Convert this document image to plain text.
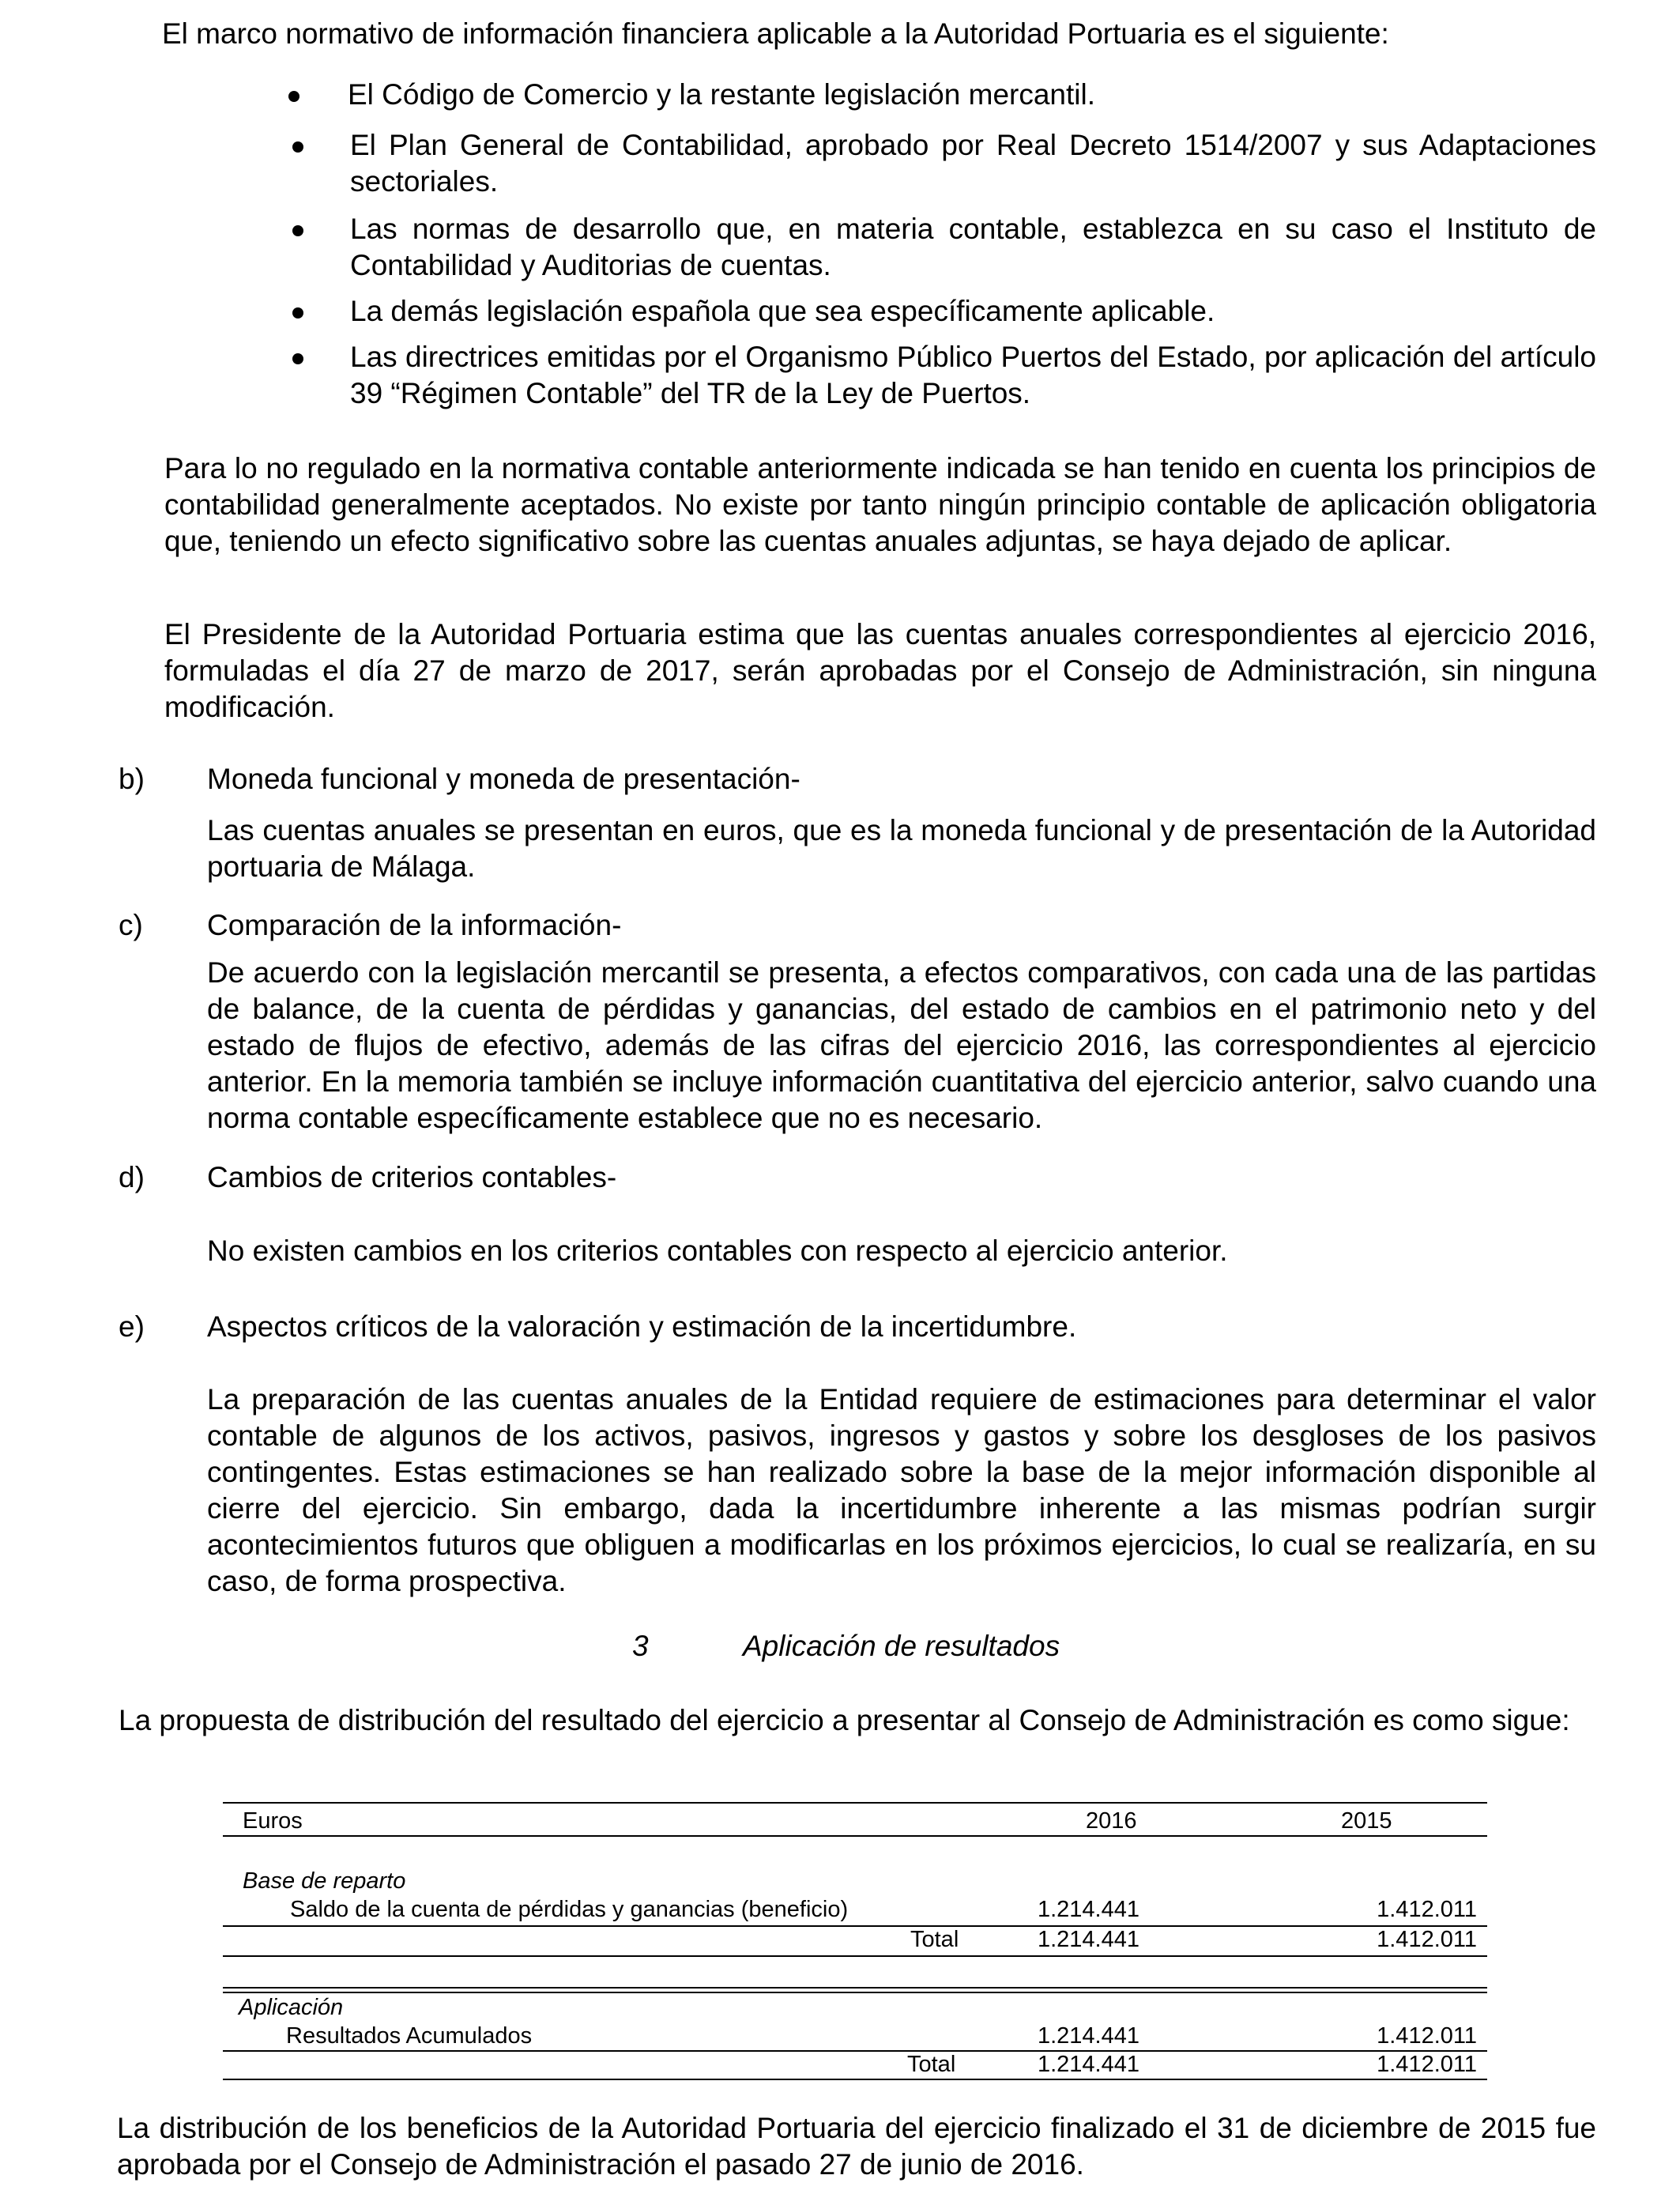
El marco normativo de información financiera aplicable a la Autoridad Portuaria es el siguiente:

El Código de Comercio y la restante legislación mercantil.

El Plan General de Contabilidad, aprobado por Real Decreto 1514/2007 y sus Adaptaciones sectoriales.

Las normas de desarrollo que, en materia contable, establezca en su caso el Instituto de Contabilidad y Auditorias de cuentas.

La demás legislación española que sea específicamente aplicable.

Las directrices emitidas por el Organismo Público Puertos del Estado, por aplicación del artículo 39 “Régimen Contable” del TR de la Ley de Puertos.

Para lo no regulado en la normativa contable anteriormente indicada se han tenido en cuenta los principios de contabilidad generalmente aceptados. No existe por tanto ningún principio contable de aplicación obligatoria que, teniendo un efecto significativo sobre las cuentas anuales adjuntas, se haya dejado de aplicar.

El Presidente de la Autoridad Portuaria estima que las cuentas anuales correspondientes al ejercicio 2016, formuladas el día 27 de marzo de 2017, serán aprobadas por el Consejo de Administración, sin ninguna modificación.

b) Moneda funcional y moneda de presentación-

Las cuentas anuales se presentan en euros, que es la moneda funcional y de presentación de la Autoridad portuaria de Málaga.

c) Comparación de la información-

De acuerdo con la legislación mercantil se presenta, a efectos comparativos, con cada una de las partidas de balance, de la cuenta de pérdidas y ganancias, del estado de cambios en el patrimonio neto y del estado de flujos de efectivo, además de las cifras del ejercicio 2016, las correspondientes al ejercicio anterior. En la memoria también se incluye información cuantitativa del ejercicio anterior, salvo cuando una norma contable específicamente establece que no es necesario.

d) Cambios de criterios contables-

No existen cambios en los criterios contables con respecto al ejercicio anterior.

e) Aspectos críticos de la valoración y estimación de la incertidumbre.

La preparación de las cuentas anuales de la Entidad requiere de estimaciones para determinar el valor contable de algunos de los activos, pasivos, ingresos y gastos y sobre los desgloses de los pasivos contingentes. Estas estimaciones se han realizado sobre la base de la mejor información disponible al cierre del ejercicio. Sin embargo, dada la incertidumbre inherente a las mismas podrían surgir acontecimientos futuros que obliguen a modificarlas en los próximos ejercicios, lo cual se realizaría, en su caso, de forma prospectiva.

3	Aplicación de resultados

La propuesta de distribución del resultado del ejercicio a presentar al Consejo de Administración es como sigue:

Euros	2016	2015
Base de reparto
Saldo de la cuenta de pérdidas y ganancias (beneficio)	1.214.441	1.412.011
Total	1.214.441	1.412.011
Aplicación
Resultados Acumulados	1.214.441	1.412.011
Total	1.214.441	1.412.011

La distribución de los beneficios de la Autoridad Portuaria del ejercicio finalizado el 31 de diciembre de 2015 fue aprobada por el Consejo de Administración el pasado 27 de junio de 2016.
